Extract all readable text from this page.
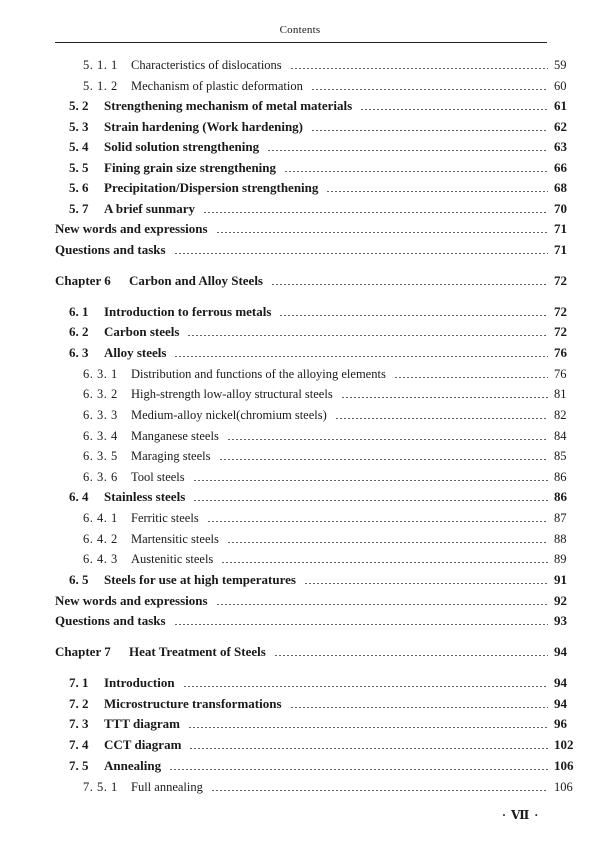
Contents
5. 1. 1	Characteristics of dislocations	59
5. 1. 2	Mechanism of plastic deformation	60
5. 2	Strengthening mechanism of metal materials	61
5. 3	Strain hardening (Work hardening)	62
5. 4	Solid solution strengthening	63
5. 5	Fining grain size strengthening	66
5. 6	Precipitation/Dispersion strengthening	68
5. 7	A brief sunmary	70
New words and expressions	71
Questions and tasks	71
Chapter 6	Carbon and Alloy Steels	72
6. 1	Introduction to ferrous metals	72
6. 2	Carbon steels	72
6. 3	Alloy steels	76
6. 3. 1	Distribution and functions of the alloying elements	76
6. 3. 2	High-strength low-alloy structural steels	81
6. 3. 3	Medium-alloy nickel(chromium steels)	82
6. 3. 4	Manganese steels	84
6. 3. 5	Maraging steels	85
6. 3. 6	Tool steels	86
6. 4	Stainless steels	86
6. 4. 1	Ferritic steels	87
6. 4. 2	Martensitic steels	88
6. 4. 3	Austenitic steels	89
6. 5	Steels for use at high temperatures	91
New words and expressions	92
Questions and tasks	93
Chapter 7	Heat Treatment of Steels	94
7. 1	Introduction	94
7. 2	Microstructure transformations	94
7. 3	TTT diagram	96
7. 4	CCT diagram	102
7. 5	Annealing	106
7. 5. 1	Full annealing	106
· Ⅶ ·
